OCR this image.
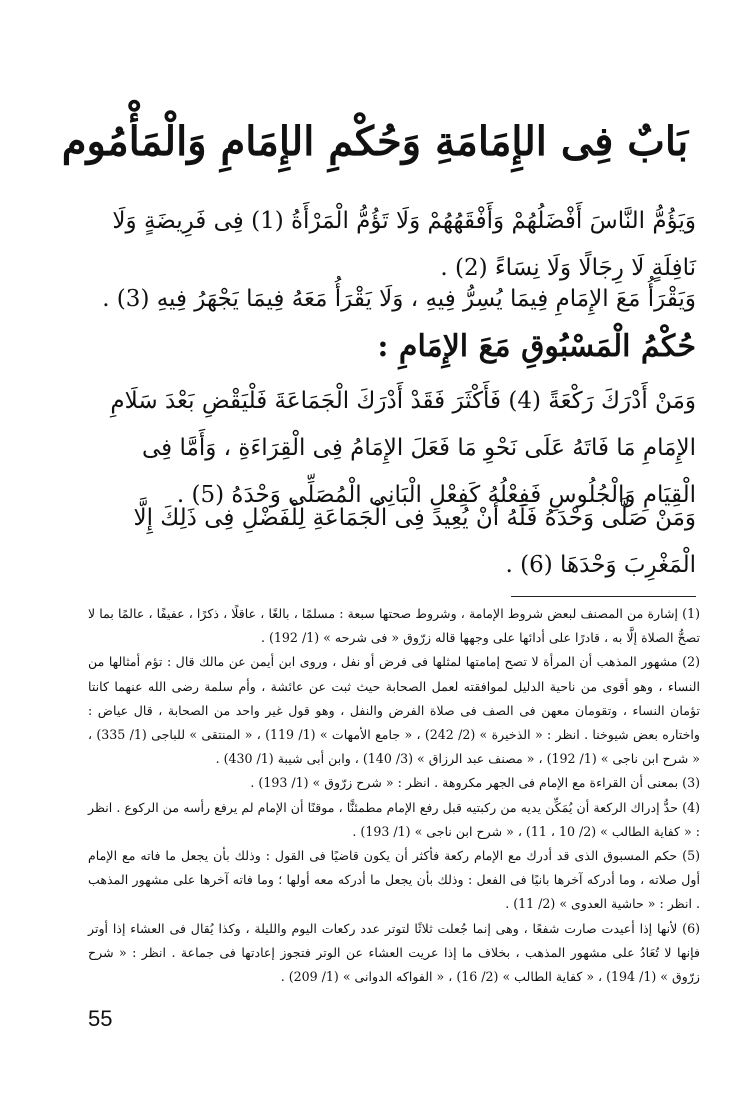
بَابٌ فِى الإِمَامَةِ وَحُكْمِ الإِمَامِ وَالْمَأْمُوم
وَيَؤُمُّ النَّاسَ أَفْضَلُهُمْ وَأَفْقَهُهُمْ وَلَا تَؤُمُّ الْمَرْأَةُ (1) فِى فَرِيضَةٍ وَلَا نَافِلَةٍ لَا رِجَالًا وَلَا نِسَاءً (2) .
وَيَقْرَأُ مَعَ الإِمَامِ فِيمَا يُسِرُّ فِيهِ ، وَلَا يَقْرَأُ مَعَهُ فِيمَا يَجْهَرُ فِيهِ (3) .
حُكْمُ الْمَسْبُوقِ مَعَ الإِمَامِ :
وَمَنْ أَدْرَكَ رَكْعَةً (4) فَأَكْثَرَ فَقَدْ أَدْرَكَ الْجَمَاعَةَ فَلْيَقْضِ بَعْدَ سَلَامِ الإِمَامِ مَا فَاتَهُ عَلَى نَحْوِ مَا فَعَلَ الإِمَامُ فِى الْقِرَاءَةِ ، وَأَمَّا فِى الْقِيَامِ وَالْجُلُوسِ فَفِعْلُهُ كَفِعْلِ الْبَانِى الْمُصَلِّى وَحْدَهُ (5) .
وَمَنْ صَلَّى وَحْدَهُ فَلَهُ أَنْ يُعِيدَ فِى الْجَمَاعَةِ لِلْفَضْلِ فِى ذَلِكَ إِلَّا الْمَغْرِبَ وَحْدَهَا (6) .

(1) إشارة من المصنف لبعض شروط الإمامة ، وشروط صحتها سبعة : مسلمًا ، بالغًا ، عاقلًا ، ذكرًا ، عفيفًا ، عالمًا بما لا تصحُّ الصلاة إلَّا به ، قادرًا على أدائها على وجهها قاله زرّوق « فى شرحه » (1/ 192) .

(2) مشهور المذهب أن المرأة لا تصح إمامتها لمثلها فى فرض أو نفل ، وروى ابن أيمن عن مالك قال : تؤم أمثالها من النساء ، وهو أقوى من ناحية الدليل لموافقته لعمل الصحابة حيث ثبت عن عائشة ، وأم سلمة رضى الله عنهما كانتا تؤمان النساء ، وتقومان معهن فى الصف فى صلاة الفرض والنفل ، وهو قول غير واحد من الصحابة ، قال عياض : واختاره بعض شيوخنا . انظر : « الذخيرة » (2/ 242) ، « جامع الأمهات » (1/ 119) ، « المنتقى » للباجى (1/ 335) ، « شرح ابن ناجى » (1/ 192) ، « مصنف عبد الرزاق » (3/ 140) ، وابن أبى شيبة (1/ 430) .

(3) بمعنى أن القراءة مع الإمام فى الجهر مكروهة . انظر : « شرح زرّوق » (1/ 193) .

(4) حدُّ إدراك الركعة أن يُمَكِّن يديه من ركبتيه قبل رفع الإمام مطمئنًّا ، موقنًا أن الإمام لم يرفع رأسه من الركوع . انظر : « كفاية الطالب » (2/ 10 ، 11) ، « شرح ابن ناجى » (1/ 193) .

(5) حكم المسبوق الذى قد أدرك مع الإمام ركعة فأكثر أن يكون قاضيًا فى القول : وذلك بأن يجعل ما فاته مع الإمام أول صلاته ، وما أدركه آخرها بانيًا فى الفعل : وذلك بأن يجعل ما أدركه معه أولها ؛ وما فاته آخرها على مشهور المذهب . انظر : « حاشية العدوى » (2/ 11) .

(6) لأنها إذا أعيدت صارت شفعًا ، وهى إنما جُعلت ثلاثًا لتوتر عدد ركعات اليوم والليلة ، وكذا يُقال فى العشاء إذا أوتر فإنها لا تُعَادُ على مشهور المذهب ، بخلاف ما إذا عريت العشاء عن الوتر فتجوز إعادتها فى جماعة . انظر : « شرح زرّوق » (1/ 194) ، « كفاية الطالب » (2/ 16) ، « الفواكه الدوانى » (1/ 209) .

55
